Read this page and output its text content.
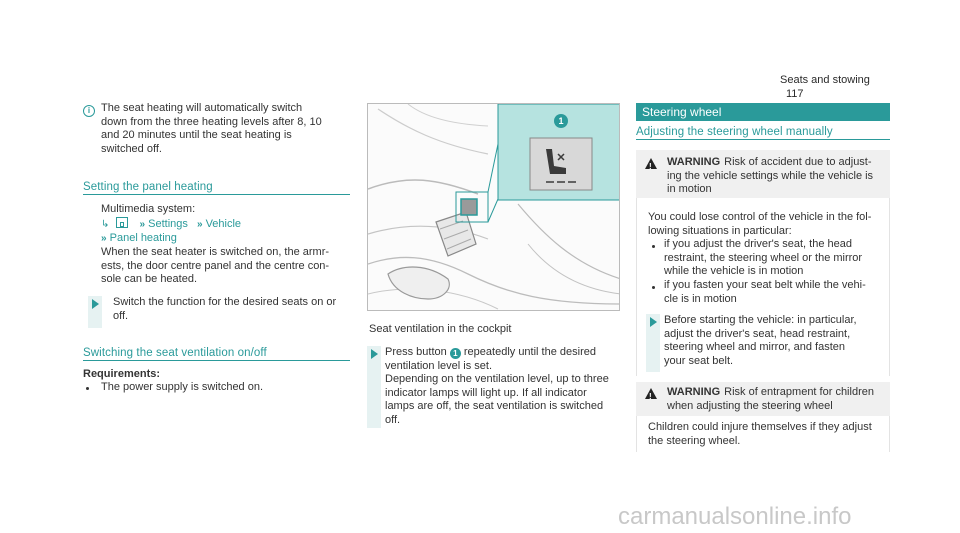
Seats and stowing 117
i The seat heating will automatically switch
down from the three heating levels after 8, 10
and 20 minutes until the seat heating is
switched off.
Setting the panel heating
Multimedia system:
↳	» Settings » Vehicle
» Panel heating
When the seat heater is switched on, the armr-
ests, the door centre panel and the centre con-
sole can be heated.
Switch the function for the desired seats on or
off.
Switching the seat ventilation on/off
Requirements:
The power supply is switched on.
1
Seat ventilation in the cockpit
Press button 1 repeatedly until the desired
ventilation level is set.
Depending on the ventilation level, up to three
indicator lamps will light up. If all indicator
lamps are off, the seat ventilation is switched
off.
Steering wheel
Adjusting the steering wheel manually
! WARNING Risk of accident due to adjust-
ing the vehicle settings while the vehicle is
in motion
You could lose control of the vehicle in the fol-
lowing situations in particular:
if you adjust the driver's seat, the head
restraint, the steering wheel or the mirror
while the vehicle is in motion
if you fasten your seat belt while the vehi-
cle is in motion
Before starting the vehicle: in particular,
adjust the driver's seat, head restraint,
steering wheel and mirror, and fasten
your seat belt.
! WARNING Risk of entrapment for children
when adjusting the steering wheel
Children could injure themselves if they adjust
the steering wheel.
carmanualsonline.info
